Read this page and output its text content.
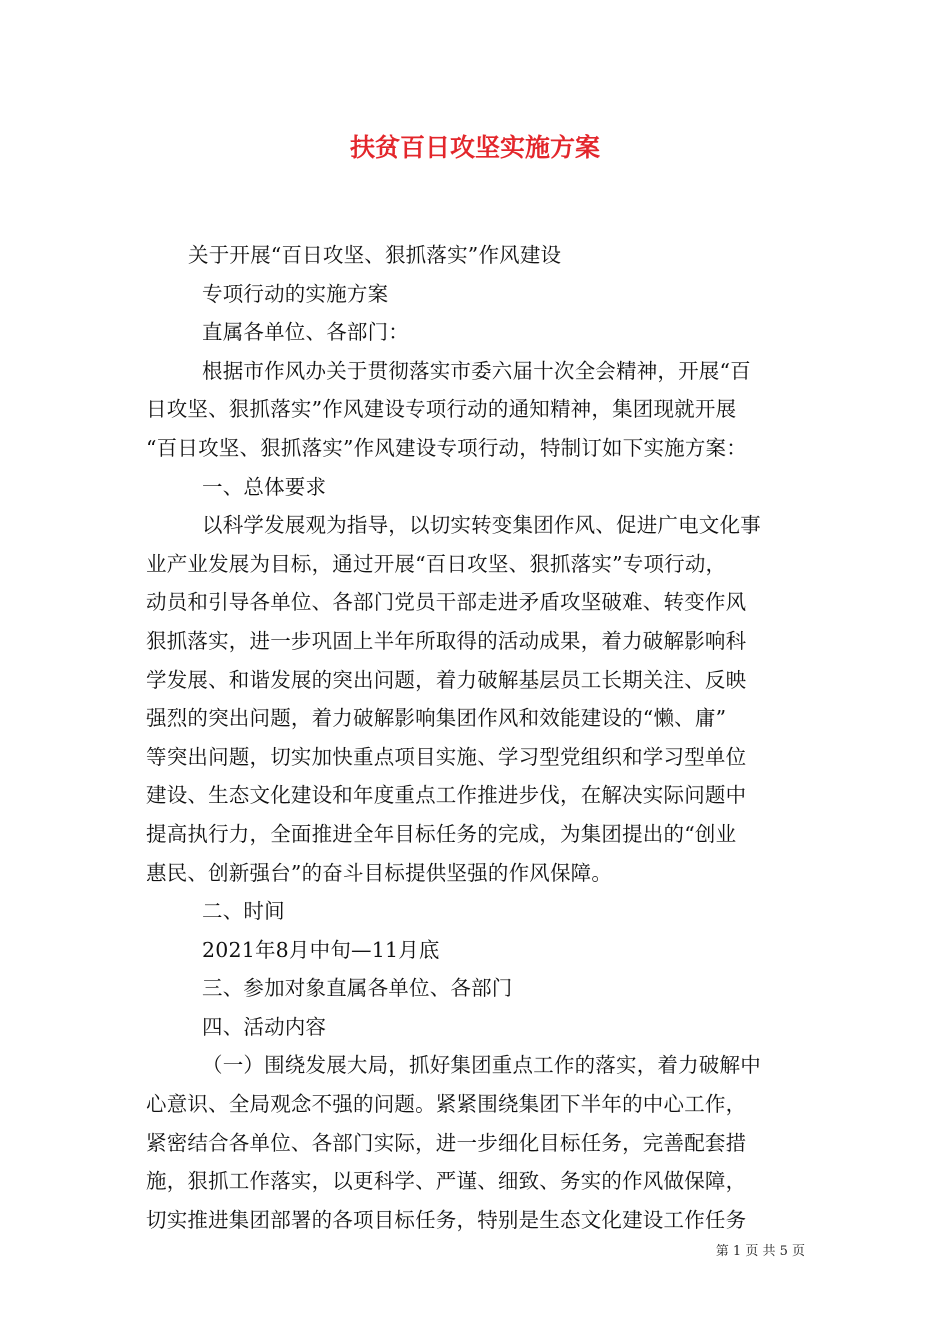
扶贫百日攻坚实施方案
关于开展“百日攻坚、狠抓落实”作风建设
专项行动的实施方案
直属各单位、各部门：
根据市作风办关于贯彻落实市委六届十次全会精神，开展“百
日攻坚、狠抓落实”作风建设专项行动的通知精神，集团现就开展
“百日攻坚、狠抓落实”作风建设专项行动，特制订如下实施方案：
一、总体要求
以科学发展观为指导，以切实转变集团作风、促进广电文化事
业产业发展为目标，通过开展“百日攻坚、狠抓落实”专项行动，
动员和引导各单位、各部门党员干部走进矛盾攻坚破难、转变作风
狠抓落实，进一步巩固上半年所取得的活动成果，着力破解影响科
学发展、和谐发展的突出问题，着力破解基层员工长期关注、反映
强烈的突出问题，着力破解影响集团作风和效能建设的“懒、庸”
等突出问题，切实加快重点项目实施、学习型党组织和学习型单位
建设、生态文化建设和年度重点工作推进步伐，在解决实际问题中
提高执行力，全面推进全年目标任务的完成，为集团提出的“创业
惠民、创新强台”的奋斗目标提供坚强的作风保障。
二、时间
2021年8月中旬—11月底
三、参加对象直属各单位、各部门
四、活动内容
（一）围绕发展大局，抓好集团重点工作的落实，着力破解中
心意识、全局观念不强的问题。紧紧围绕集团下半年的中心工作，
紧密结合各单位、各部门实际，进一步细化目标任务，完善配套措
施，狠抓工作落实，以更科学、严谨、细致、务实的作风做保障，
切实推进集团部署的各项目标任务，特别是生态文化建设工作任务
第 1 页 共 5 页
